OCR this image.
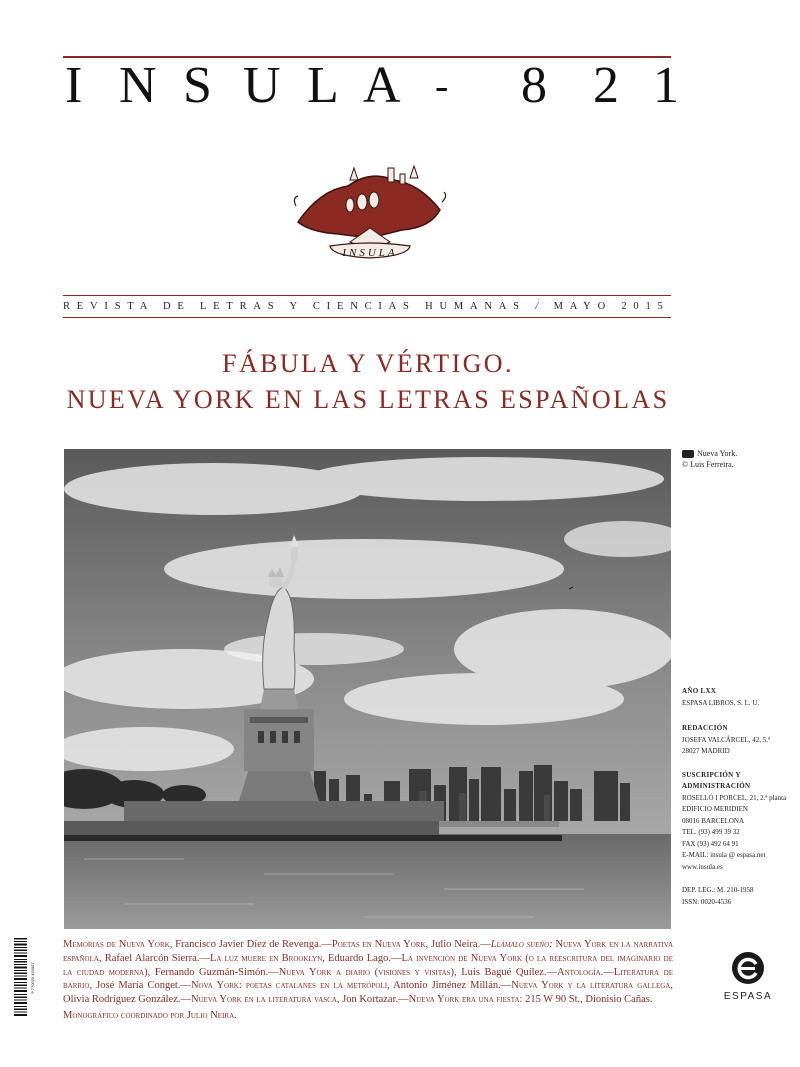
I N S U L A - 8 2 1
INSULA
REVISTA DE LETRAS Y CIENCIAS HUMANAS / MAYO 2015
FÁBULA Y VÉRTIGO.
NUEVA YORK EN LAS LETRAS ESPAÑOLAS
Nueva York.
© Luis Ferreira.
AÑO LXX
ESPASA LIBROS, S. L. U.
REDACCIÓN
JOSEFA VALCÁRCEL, 42, 5.ª
28027 MADRID
SUSCRIPCIÓN Y
ADMINISTRACIÓN
ROSELLÓ I PORCEL, 21, 2.ª planta
EDIFICIO MERIDIEN
08016 BARCELONA
TEL. (93) 499 39 32
FAX (93) 492 64 91
E-MAIL: insula @ espasa.net
www.insula.es
DEP. LEG.: M. 210-1958
ISSN: 0020-4536
9 770020 453007
Memorias de Nueva York, Francisco Javier Díez de Revenga.—Poetas en Nueva York, Julio Neira.—Llámalo sueño: Nueva York en la narrativa española, Rafael Alarcón Sierra.—La luz muere en Brooklyn, Eduardo Lago.—La invención de Nueva York (o la reescritura del imaginario de la ciudad moderna), Fernando Guzmán-Simón.—Nueva York a diario (visiones y visitas), Luis Bagué Quílez.—Antología.—Literatura de barrio, José María Conget.—Nova York: poetas catalanes en la metrópoli, Antonio Jiménez Millán.—Nueva York y la literatura gallega, Olivia Rodríguez González.—Nueva York en la literatura vasca, Jon Kortazar.—Nueva York era una fiesta: 215 W 90 St., Dionisio Cañas.
Monográfico coordinado por Julio Neira.
ESPASA
